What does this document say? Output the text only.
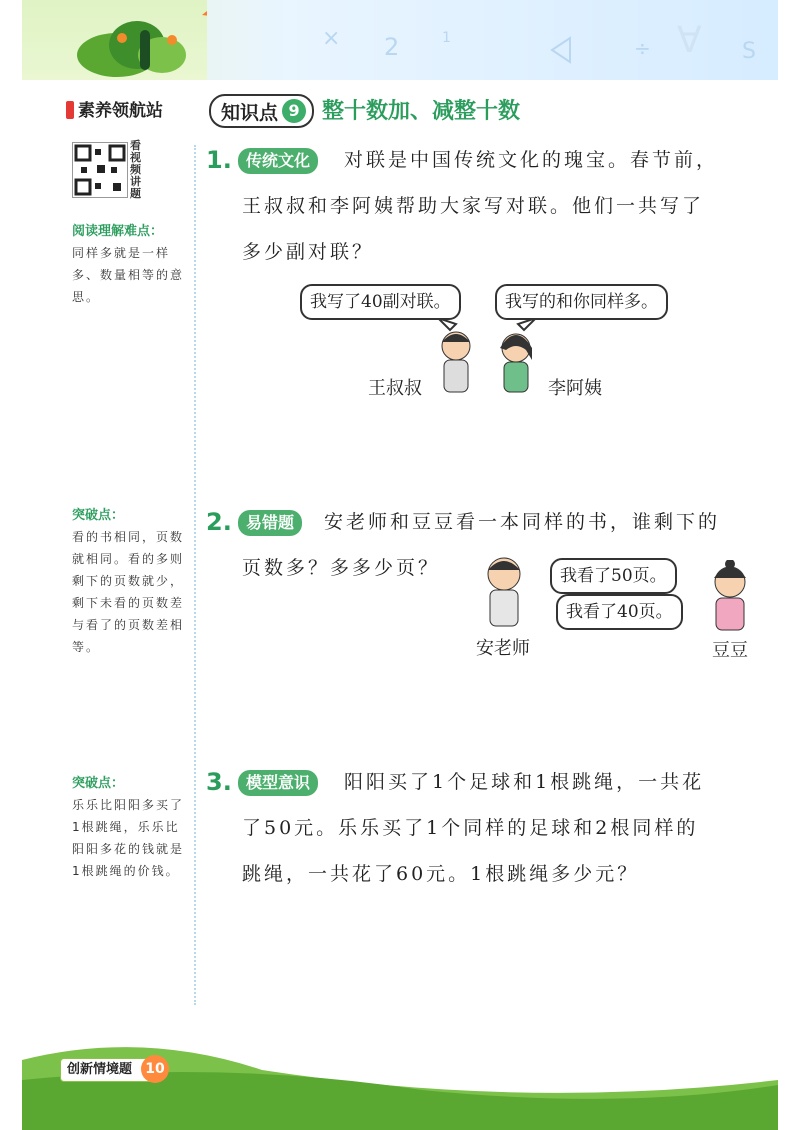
× 2	1	÷ ∀ S
素养领航站	知识点 9 整十数加、减整十数
看视频讲题
阅读理解难点：
同样多就是一样多、数量相等的意思。
突破点：
看的书相同，页数就相同。看的多则剩下的页数就少，剩下未看的页数差与看了的页数差相等。
突破点：
乐乐比阳阳多买了1根跳绳，乐乐比阳阳多花的钱就是1根跳绳的价钱。
1. 传统文化	对联是中国传统文化的瑰宝。春节前，
王叔叔和李阿姨帮助大家写对联。他们一共写了
多少副对联？
我写了40副对联。	我写的和你同样多。
王叔叔	李阿姨
2. 易错题	安老师和豆豆看一本同样的书，谁剩下的
页数多？多多少页？	我看了50页。
我看了40页。
安老师	豆豆
3. 模型意识	阳阳买了1个足球和1根跳绳，一共花
了50元。乐乐买了1个同样的足球和2根同样的
跳绳，一共花了60元。1根跳绳多少元？
创新情境题 10
